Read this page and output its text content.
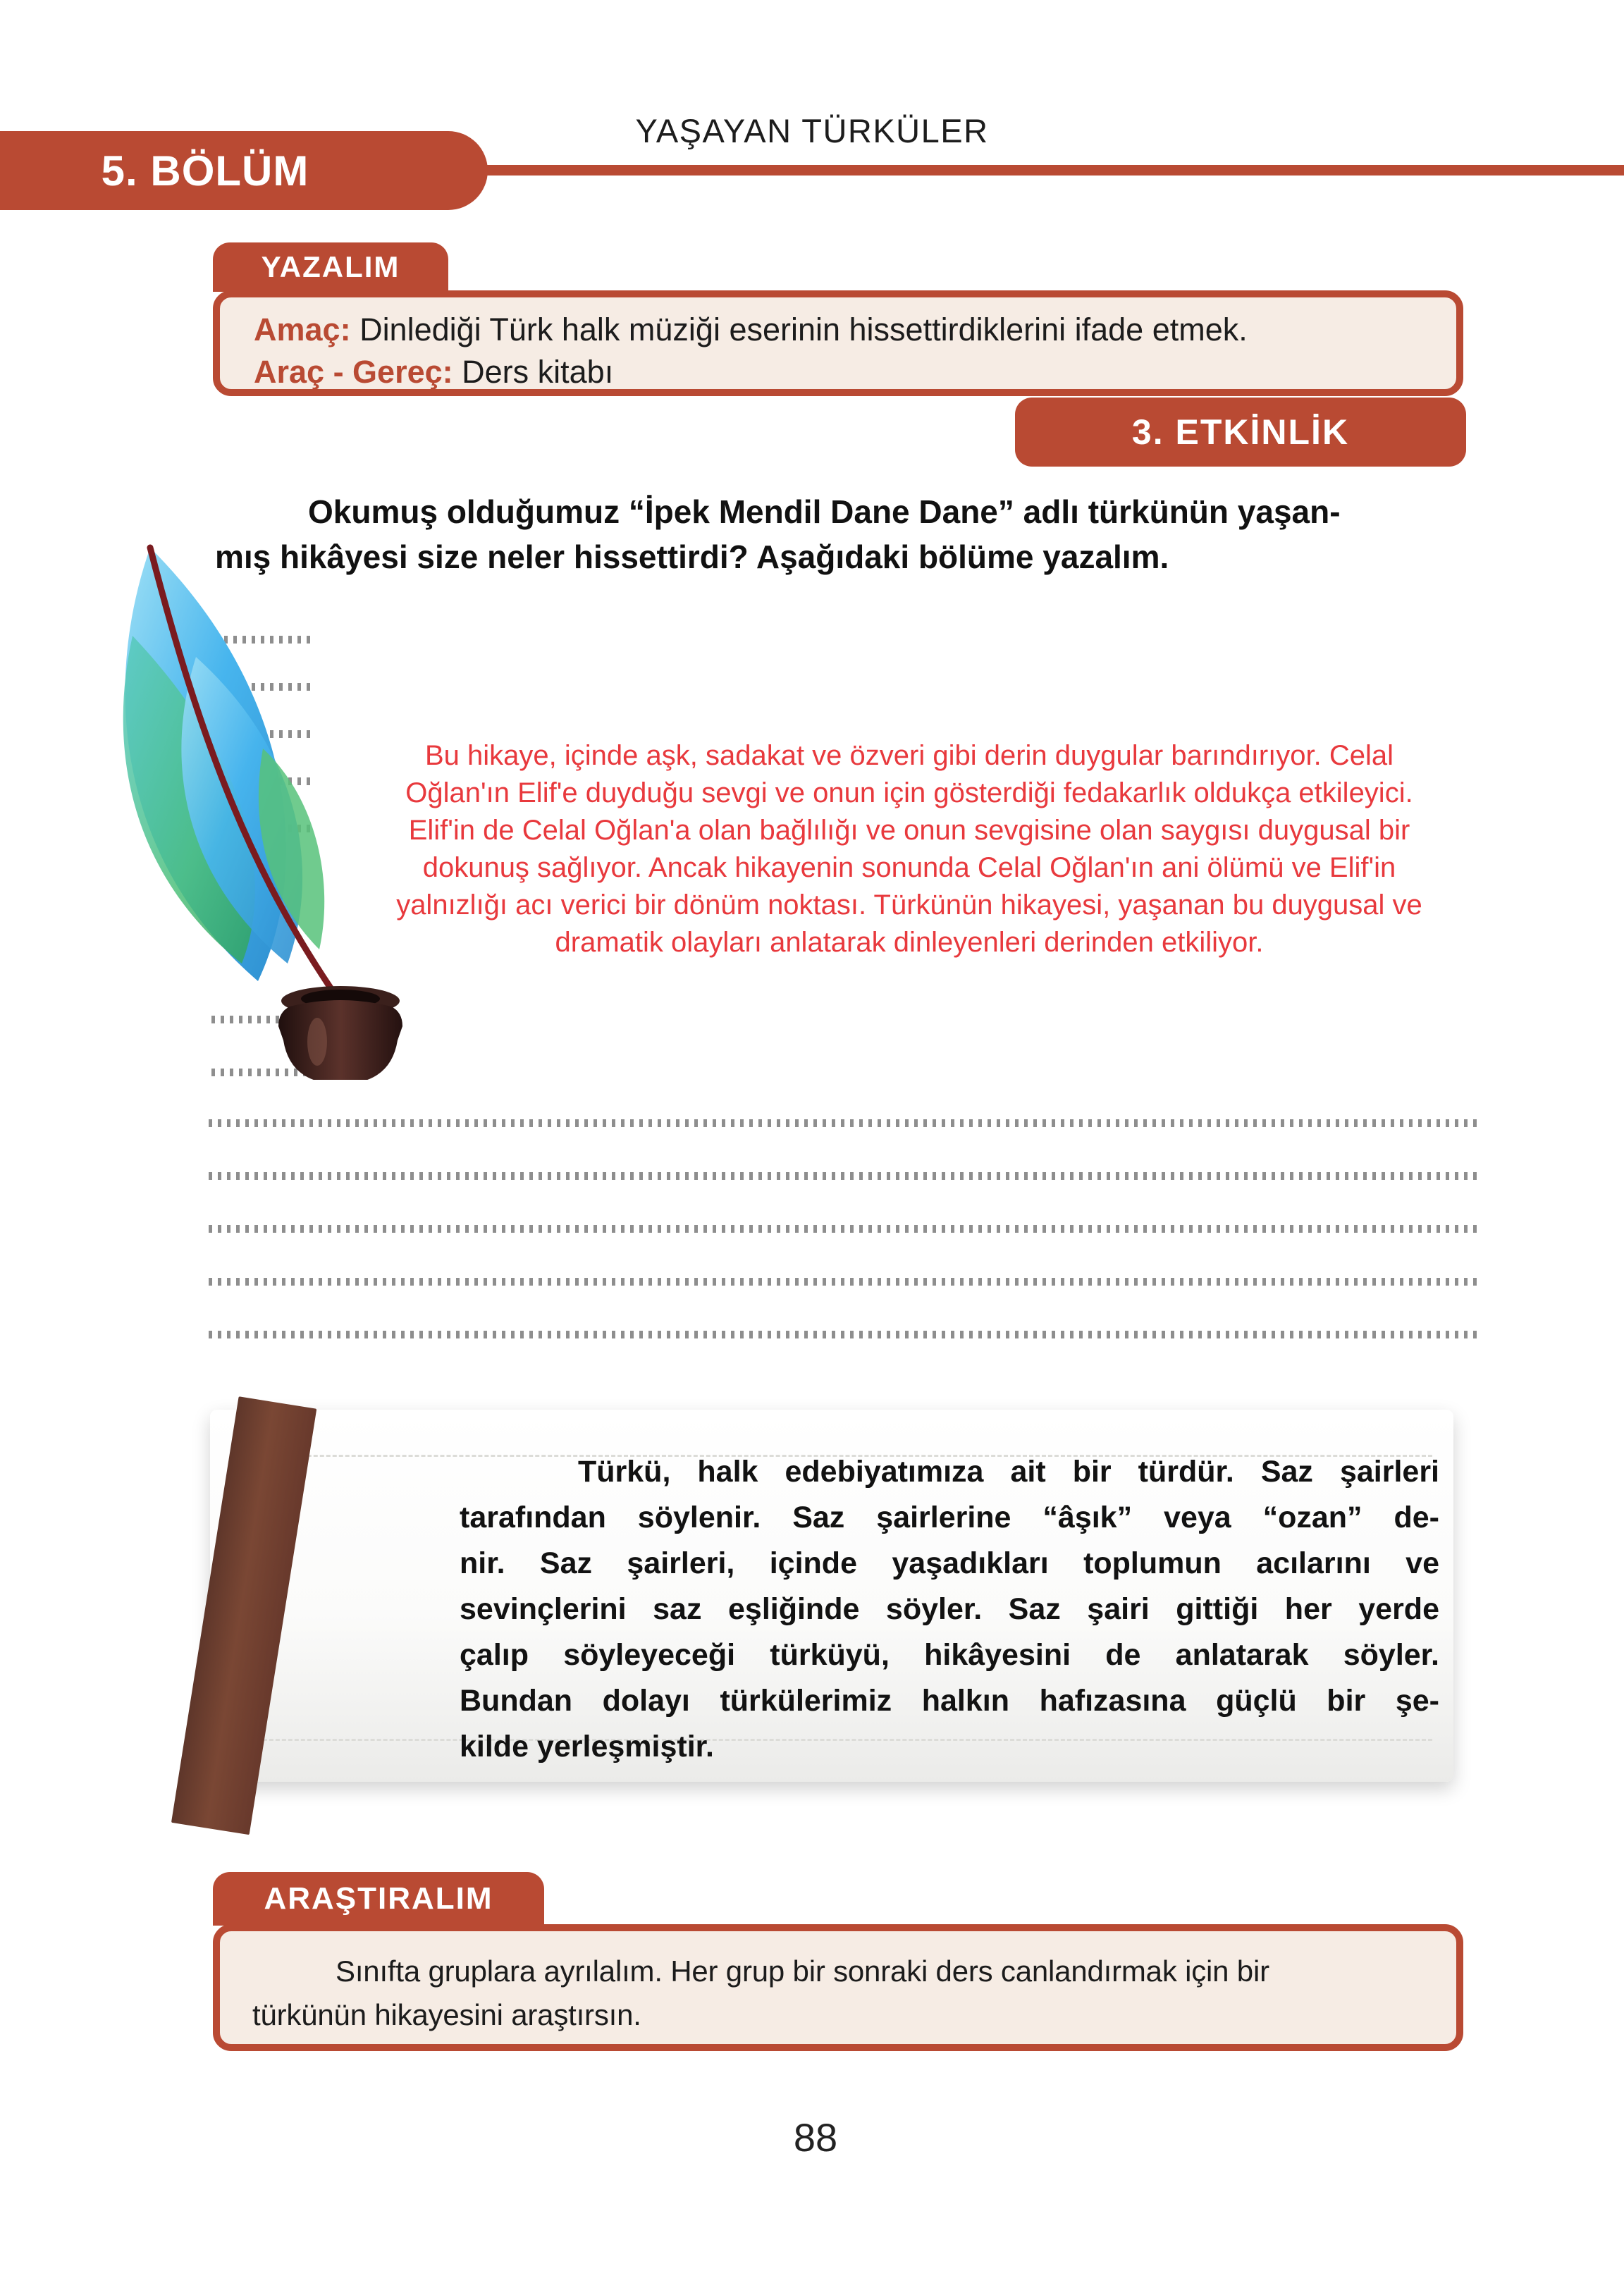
YAŞAYAN TÜRKÜLER
5. BÖLÜM
YAZALIM
Amaç: Dinlediği Türk halk müziği eserinin hissettirdiklerini ifade etmek.
Araç - Gereç: Ders kitabı
3. ETKİNLİK
Okumuş olduğumuz “İpek Mendil Dane Dane” adlı türkünün yaşan-
mış hikâyesi size neler hissettirdi? Aşağıdaki bölüme yazalım.
Bu hikaye, içinde aşk, sadakat ve özveri gibi derin duygular barındırıyor. Celal
Oğlan'ın Elif'e duyduğu sevgi ve onun için gösterdiği fedakarlık oldukça etkileyici.
Elif'in de Celal Oğlan'a olan bağlılığı ve onun sevgisine olan saygısı duygusal bir
dokunuş sağlıyor. Ancak hikayenin sonunda Celal Oğlan'ın ani ölümü ve Elif'in
yalnızlığı acı verici bir dönüm noktası. Türkünün hikayesi, yaşanan bu duygusal ve
dramatik olayları anlatarak dinleyenleri derinden etkiliyor.
Türkü, halk edebiyatımıza ait bir türdür. Saz şairleri
tarafından söylenir. Saz şairlerine “âşık” veya “ozan” de-
nir. Saz şairleri, içinde yaşadıkları toplumun acılarını ve
sevinçlerini saz eşliğinde söyler. Saz şairi gittiği her yerde
çalıp söyleyeceği türküyü, hikâyesini de anlatarak söyler.
Bundan dolayı türkülerimiz halkın hafızasına güçlü bir şe-
kilde yerleşmiştir.
ARAŞTIRALIM
Sınıfta gruplara ayrılalım. Her grup bir sonraki ders canlandırmak için bir
türkünün hikayesini araştırsın.
88
